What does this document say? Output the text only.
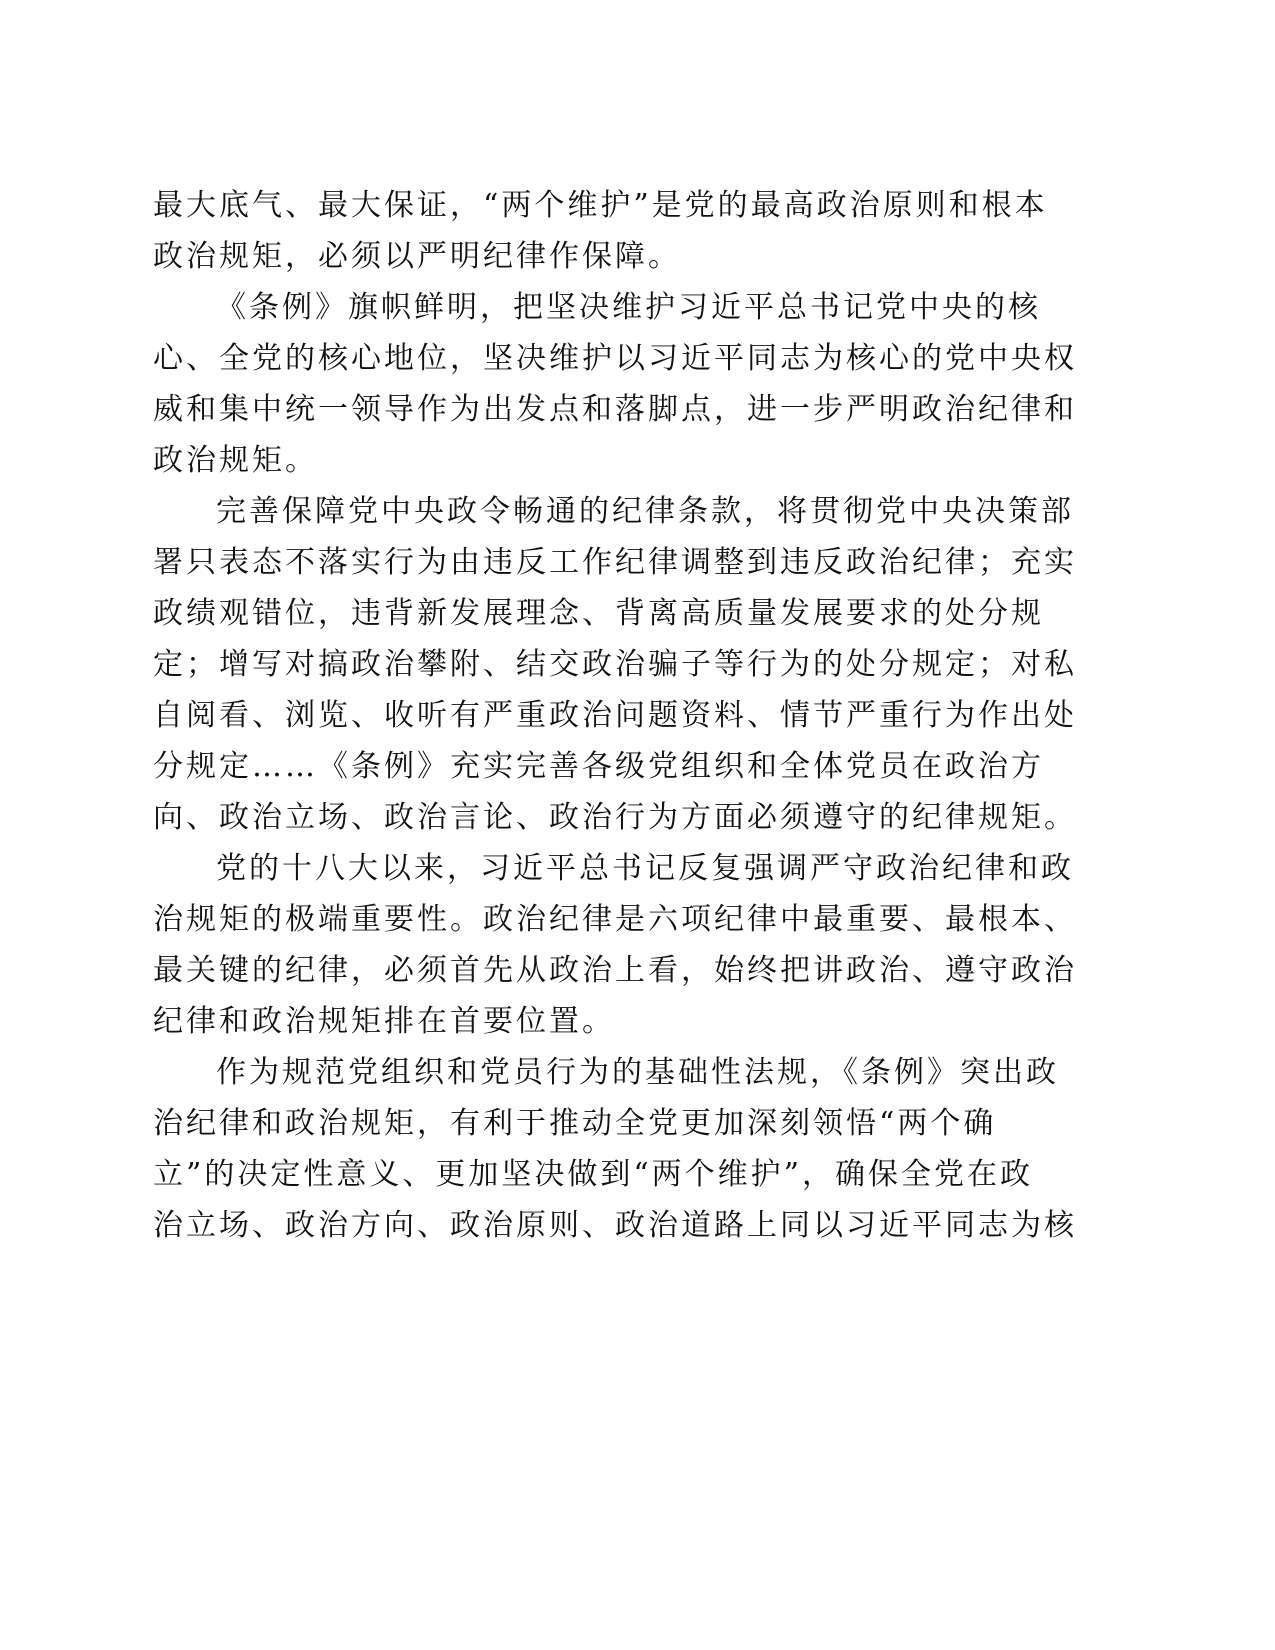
最大底气、最大保证，“两个维护”是党的最高政治原则和根本
政治规矩，必须以严明纪律作保障。
《条例》旗帜鲜明，把坚决维护习近平总书记党中央的核
心、全党的核心地位，坚决维护以习近平同志为核心的党中央权
威和集中统一领导作为出发点和落脚点，进一步严明政治纪律和
政治规矩。
完善保障党中央政令畅通的纪律条款，将贯彻党中央决策部
署只表态不落实行为由违反工作纪律调整到违反政治纪律；充实
政绩观错位，违背新发展理念、背离高质量发展要求的处分规
定；增写对搞政治攀附、结交政治骗子等行为的处分规定；对私
自阅看、浏览、收听有严重政治问题资料、情节严重行为作出处
分规定……《条例》充实完善各级党组织和全体党员在政治方
向、政治立场、政治言论、政治行为方面必须遵守的纪律规矩。
党的十八大以来，习近平总书记反复强调严守政治纪律和政
治规矩的极端重要性。政治纪律是六项纪律中最重要、最根本、
最关键的纪律，必须首先从政治上看，始终把讲政治、遵守政治
纪律和政治规矩排在首要位置。
作为规范党组织和党员行为的基础性法规，《条例》突出政
治纪律和政治规矩，有利于推动全党更加深刻领悟“两个确
立”的决定性意义、更加坚决做到“两个维护”，确保全党在政
治立场、政治方向、政治原则、政治道路上同以习近平同志为核
